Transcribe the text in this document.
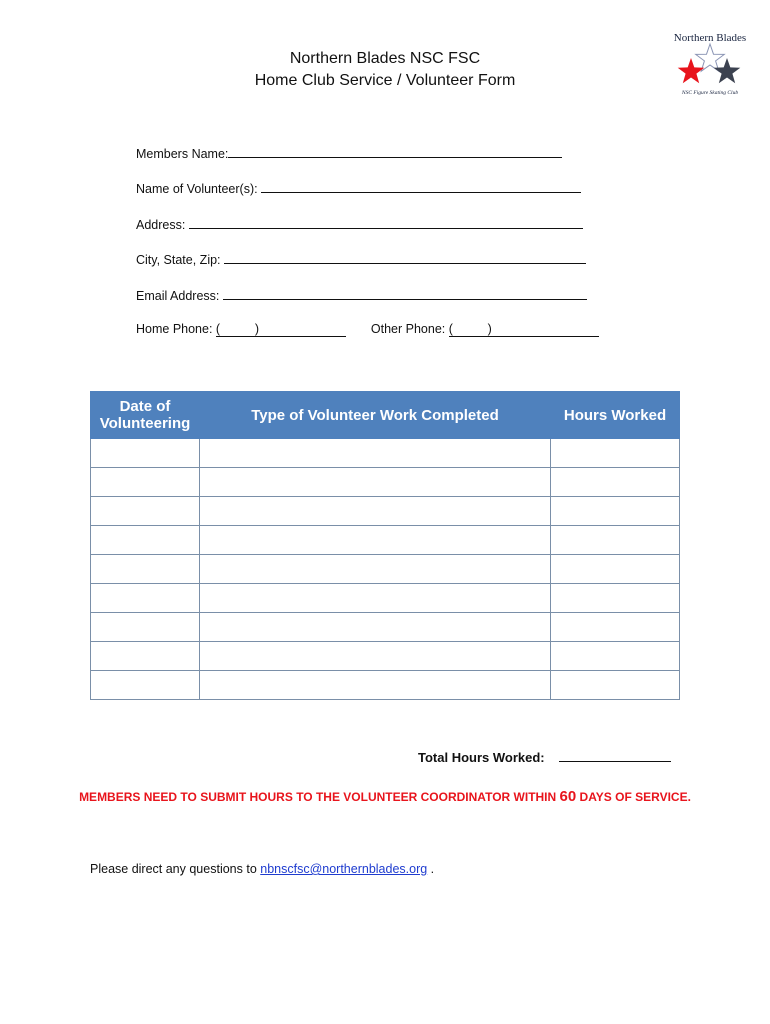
Northern Blades NSC FSC
Home Club Service / Volunteer Form
Northern Blades
NSC Figure Skating Club
Members Name:
Name of Volunteer(s):
Address:
City, State, Zip:
Email Address:
Home Phone: (          )	Other Phone: (          )
Date of Volunteering	Type of Volunteer Work Completed	Hours Worked

Total Hours Worked:
MEMBERS NEED TO SUBMIT HOURS TO THE VOLUNTEER COORDINATOR WITHIN 60 DAYS OF SERVICE.
Please direct any questions to nbnscfsc@northernblades.org .
